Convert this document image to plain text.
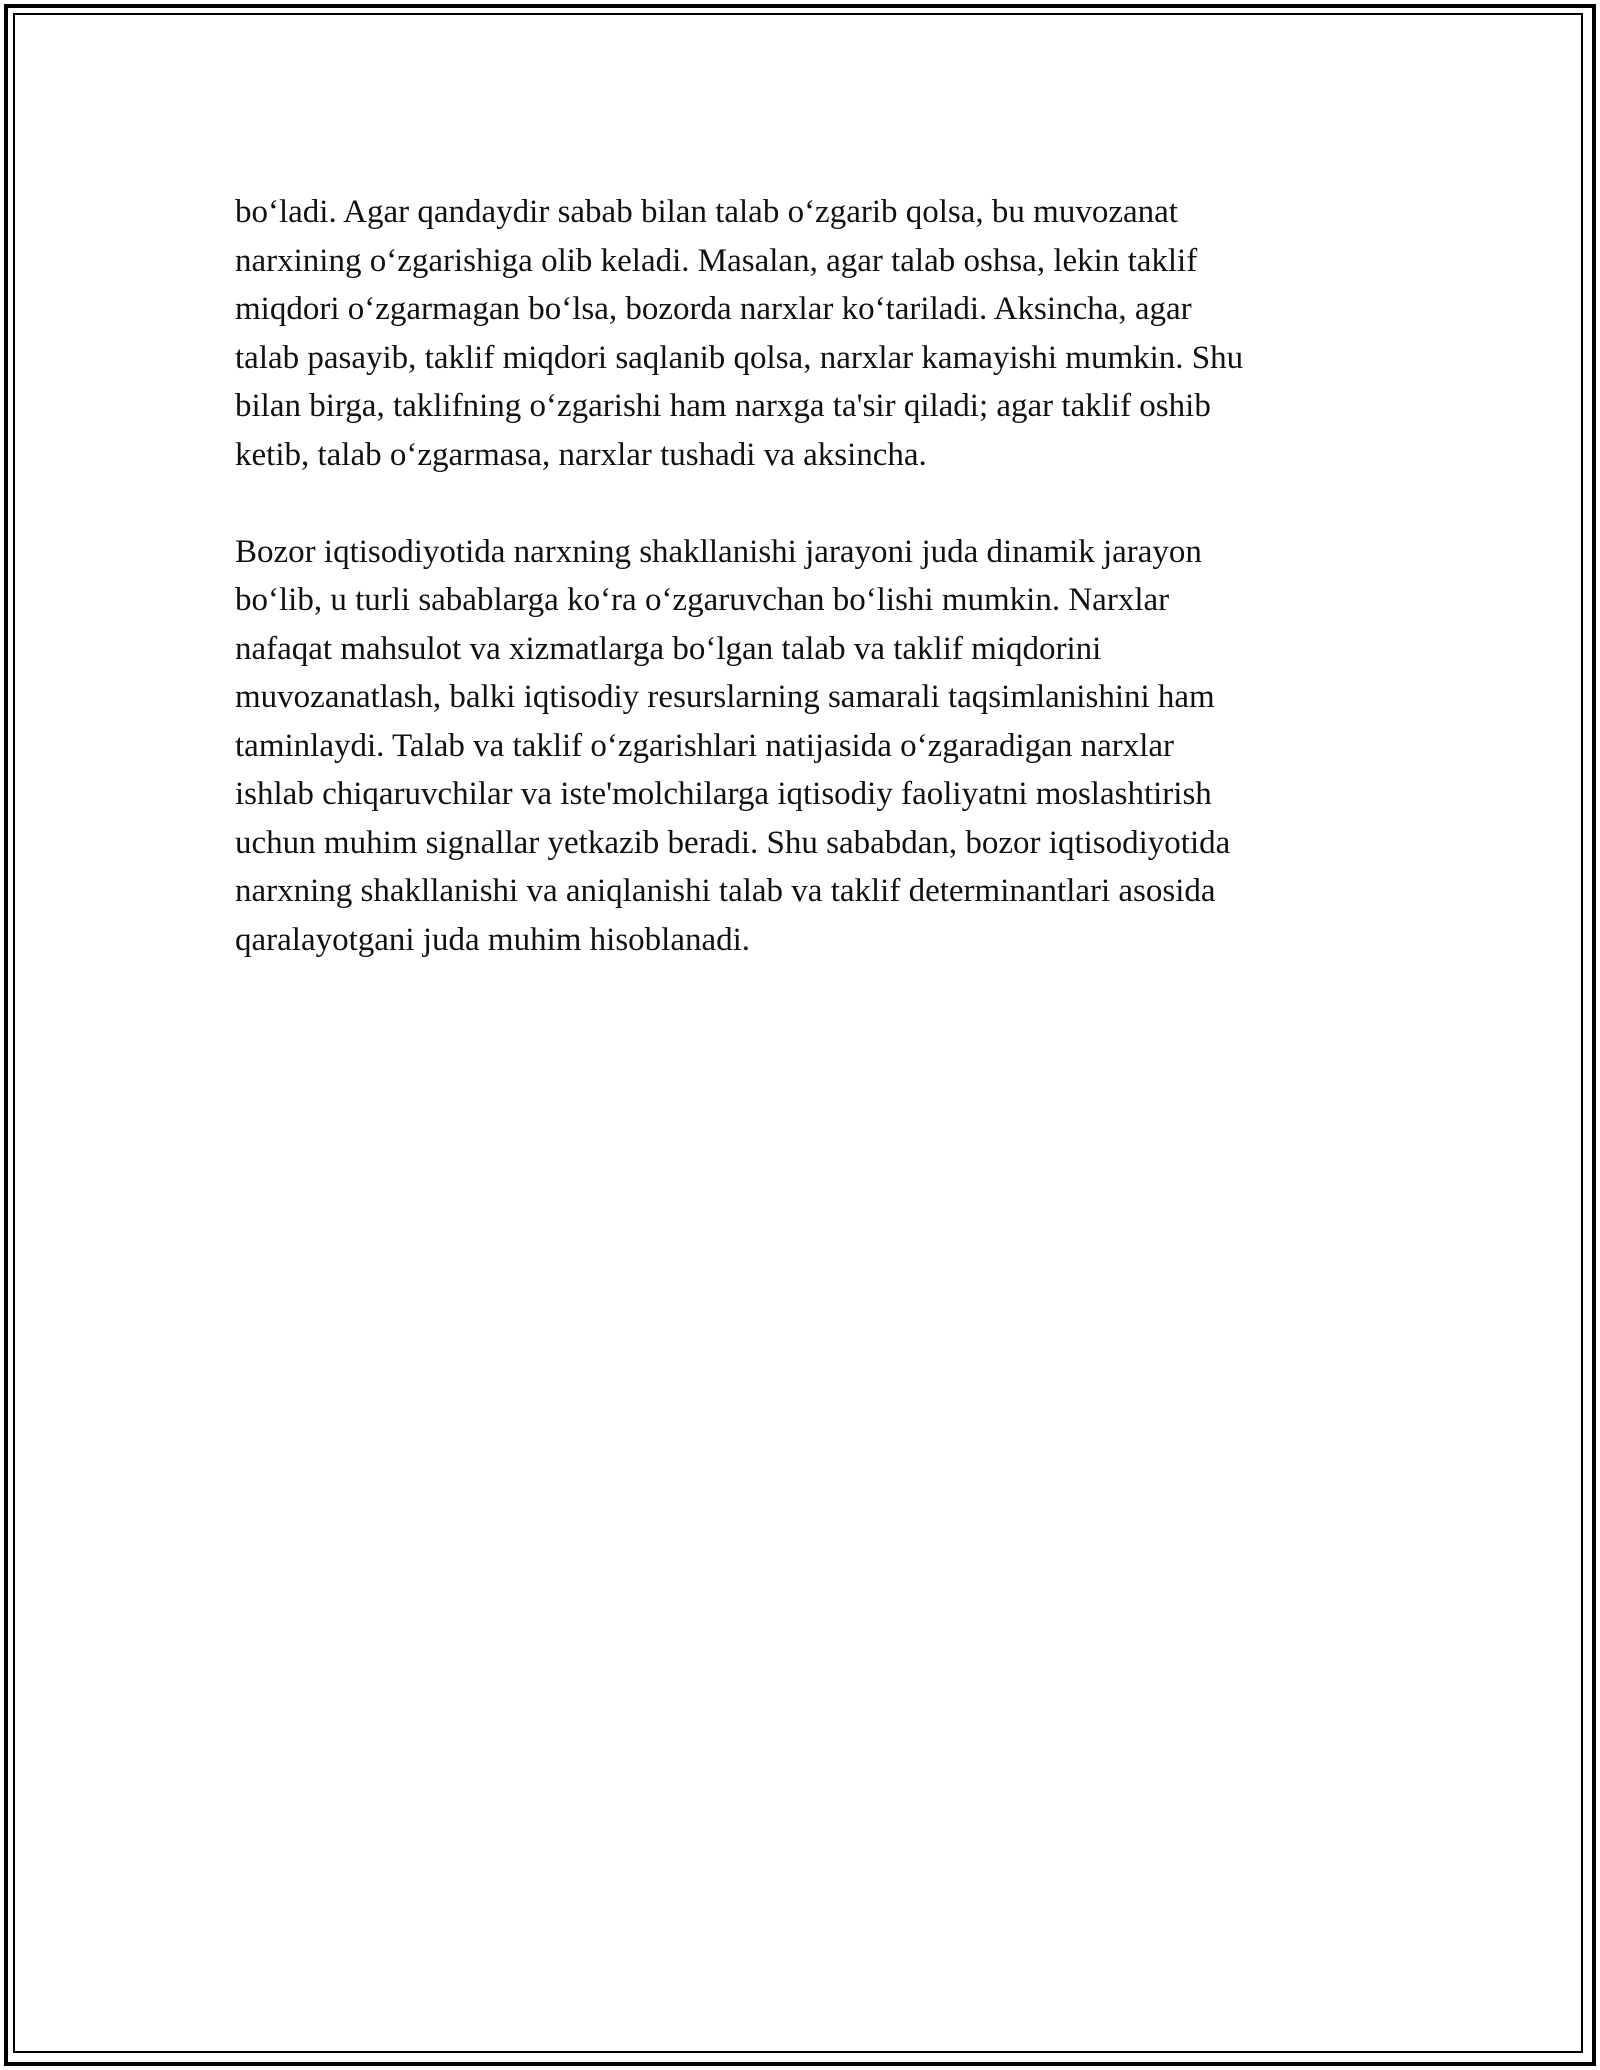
bo‘ladi. Agar qandaydir sabab bilan talab o‘zgarib qolsa, bu muvozanat
narxining o‘zgarishiga olib keladi. Masalan, agar talab oshsa, lekin taklif
miqdori o‘zgarmagan bo‘lsa, bozorda narxlar ko‘tariladi. Aksincha, agar
talab pasayib, taklif miqdori saqlanib qolsa, narxlar kamayishi mumkin. Shu
bilan birga, taklifning o‘zgarishi ham narxga ta'sir qiladi; agar taklif oshib
ketib, talab o‘zgarmasa, narxlar tushadi va aksincha.

Bozor iqtisodiyotida narxning shakllanishi jarayoni juda dinamik jarayon
bo‘lib, u turli sabablarga ko‘ra o‘zgaruvchan bo‘lishi mumkin. Narxlar
nafaqat mahsulot va xizmatlarga bo‘lgan talab va taklif miqdorini
muvozanatlash, balki iqtisodiy resurslarning samarali taqsimlanishini ham
taminlaydi. Talab va taklif o‘zgarishlari natijasida o‘zgaradigan narxlar
ishlab chiqaruvchilar va iste'molchilarga iqtisodiy faoliyatni moslashtirish
uchun muhim signallar yetkazib beradi. Shu sababdan, bozor iqtisodiyotida
narxning shakllanishi va aniqlanishi talab va taklif determinantlari asosida
qaralayotgani juda muhim hisoblanadi.
